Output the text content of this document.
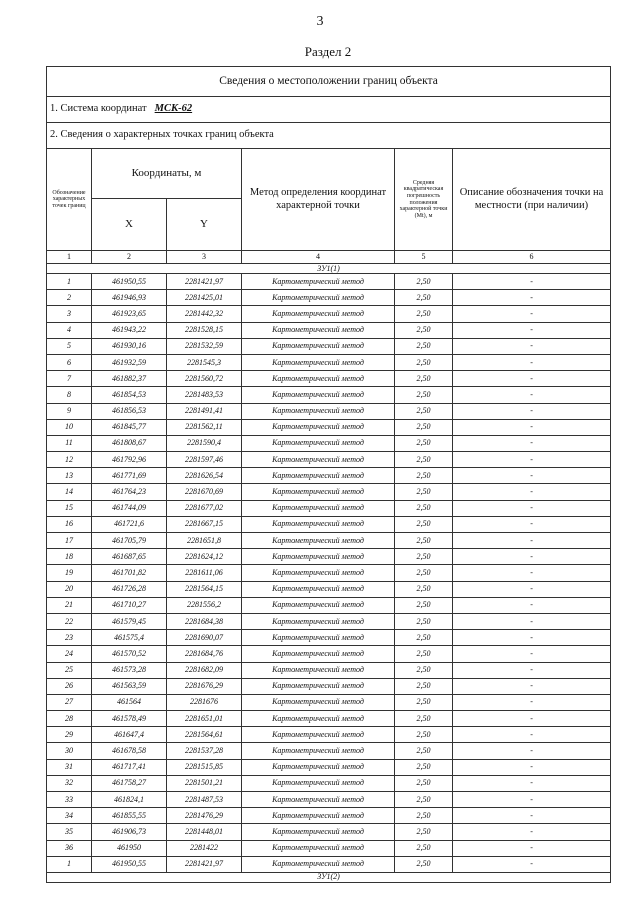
3
Раздел 2
Сведения о местоположении границ объекта					
1. Система координат МСК-62					
2. Сведения о характерных точках границ объекта					
Обозначение характерных точек границ	Координаты, м		Метод определения координат характерной точки	Средняя квадратическая погрешность положения характерной точки (Mt), м	Описание обозначения точки на местности (при наличии)
	X	Y			
1	2	3	4	5	6
ЗУ1(1)					
1	461950,55	2281421,97	Картометрический метод	2,50	-
2	461946,93	2281425,01	Картометрический метод	2,50	-
3	461923,65	2281442,32	Картометрический метод	2,50	-
4	461943,22	2281528,15	Картометрический метод	2,50	-
5	461930,16	2281532,59	Картометрический метод	2,50	-
6	461932,59	2281545,3	Картометрический метод	2,50	-
7	461882,37	2281560,72	Картометрический метод	2,50	-
8	461854,53	2281483,53	Картометрический метод	2,50	-
9	461856,53	2281491,41	Картометрический метод	2,50	-
10	461845,77	2281562,11	Картометрический метод	2,50	-
11	461808,67	2281590,4	Картометрический метод	2,50	-
12	461792,96	2281597,46	Картометрический метод	2,50	-
13	461771,69	2281626,54	Картометрический метод	2,50	-
14	461764,23	2281670,69	Картометрический метод	2,50	-
15	461744,09	2281677,02	Картометрический метод	2,50	-
16	461721,6	2281667,15	Картометрический метод	2,50	-
17	461705,79	2281651,8	Картометрический метод	2,50	-
18	461687,65	2281624,12	Картометрический метод	2,50	-
19	461701,82	2281611,06	Картометрический метод	2,50	-
20	461726,28	2281564,15	Картометрический метод	2,50	-
21	461710,27	2281556,2	Картометрический метод	2,50	-
22	461579,45	2281684,38	Картометрический метод	2,50	-
23	461575,4	2281690,07	Картометрический метод	2,50	-
24	461570,52	2281684,76	Картометрический метод	2,50	-
25	461573,28	2281682,09	Картометрический метод	2,50	-
26	461563,59	2281676,29	Картометрический метод	2,50	-
27	461564	2281676	Картометрический метод	2,50	-
28	461578,49	2281651,01	Картометрический метод	2,50	-
29	461647,4	2281564,61	Картометрический метод	2,50	-
30	461678,58	2281537,28	Картометрический метод	2,50	-
31	461717,41	2281515,85	Картометрический метод	2,50	-
32	461758,27	2281501,21	Картометрический метод	2,50	-
33	461824,1	2281487,53	Картометрический метод	2,50	-
34	461855,55	2281476,29	Картометрический метод	2,50	-
35	461906,73	2281448,01	Картометрический метод	2,50	-
36	461950	2281422	Картометрический метод	2,50	-
1	461950,55	2281421,97	Картометрический метод	2,50	-
ЗУ1(2)					
